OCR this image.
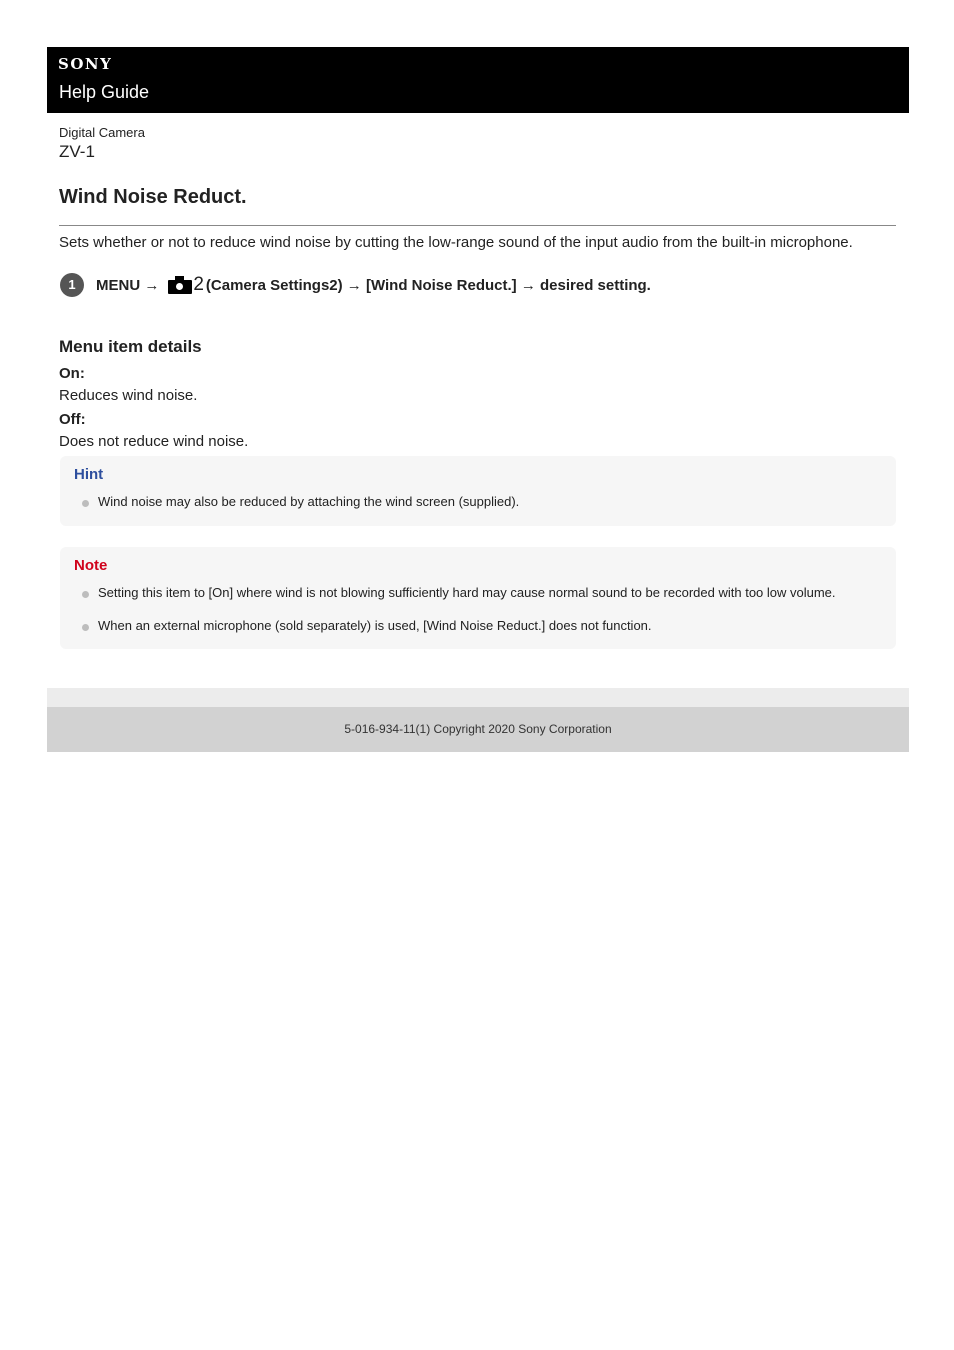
SONY
Help Guide
Digital Camera
ZV-1
Wind Noise Reduct.
Sets whether or not to reduce wind noise by cutting the low-range sound of the input audio from the built-in microphone.
1	MENU → 2 (Camera Settings2) → [Wind Noise Reduct.] → desired setting.
Menu item details
On:
Reduces wind noise.
Off:
Does not reduce wind noise.
Hint
Wind noise may also be reduced by attaching the wind screen (supplied).
Note
Setting this item to [On] where wind is not blowing sufficiently hard may cause normal sound to be recorded with too low volume.
When an external microphone (sold separately) is used, [Wind Noise Reduct.] does not function.
5-016-934-11(1) Copyright 2020 Sony Corporation
